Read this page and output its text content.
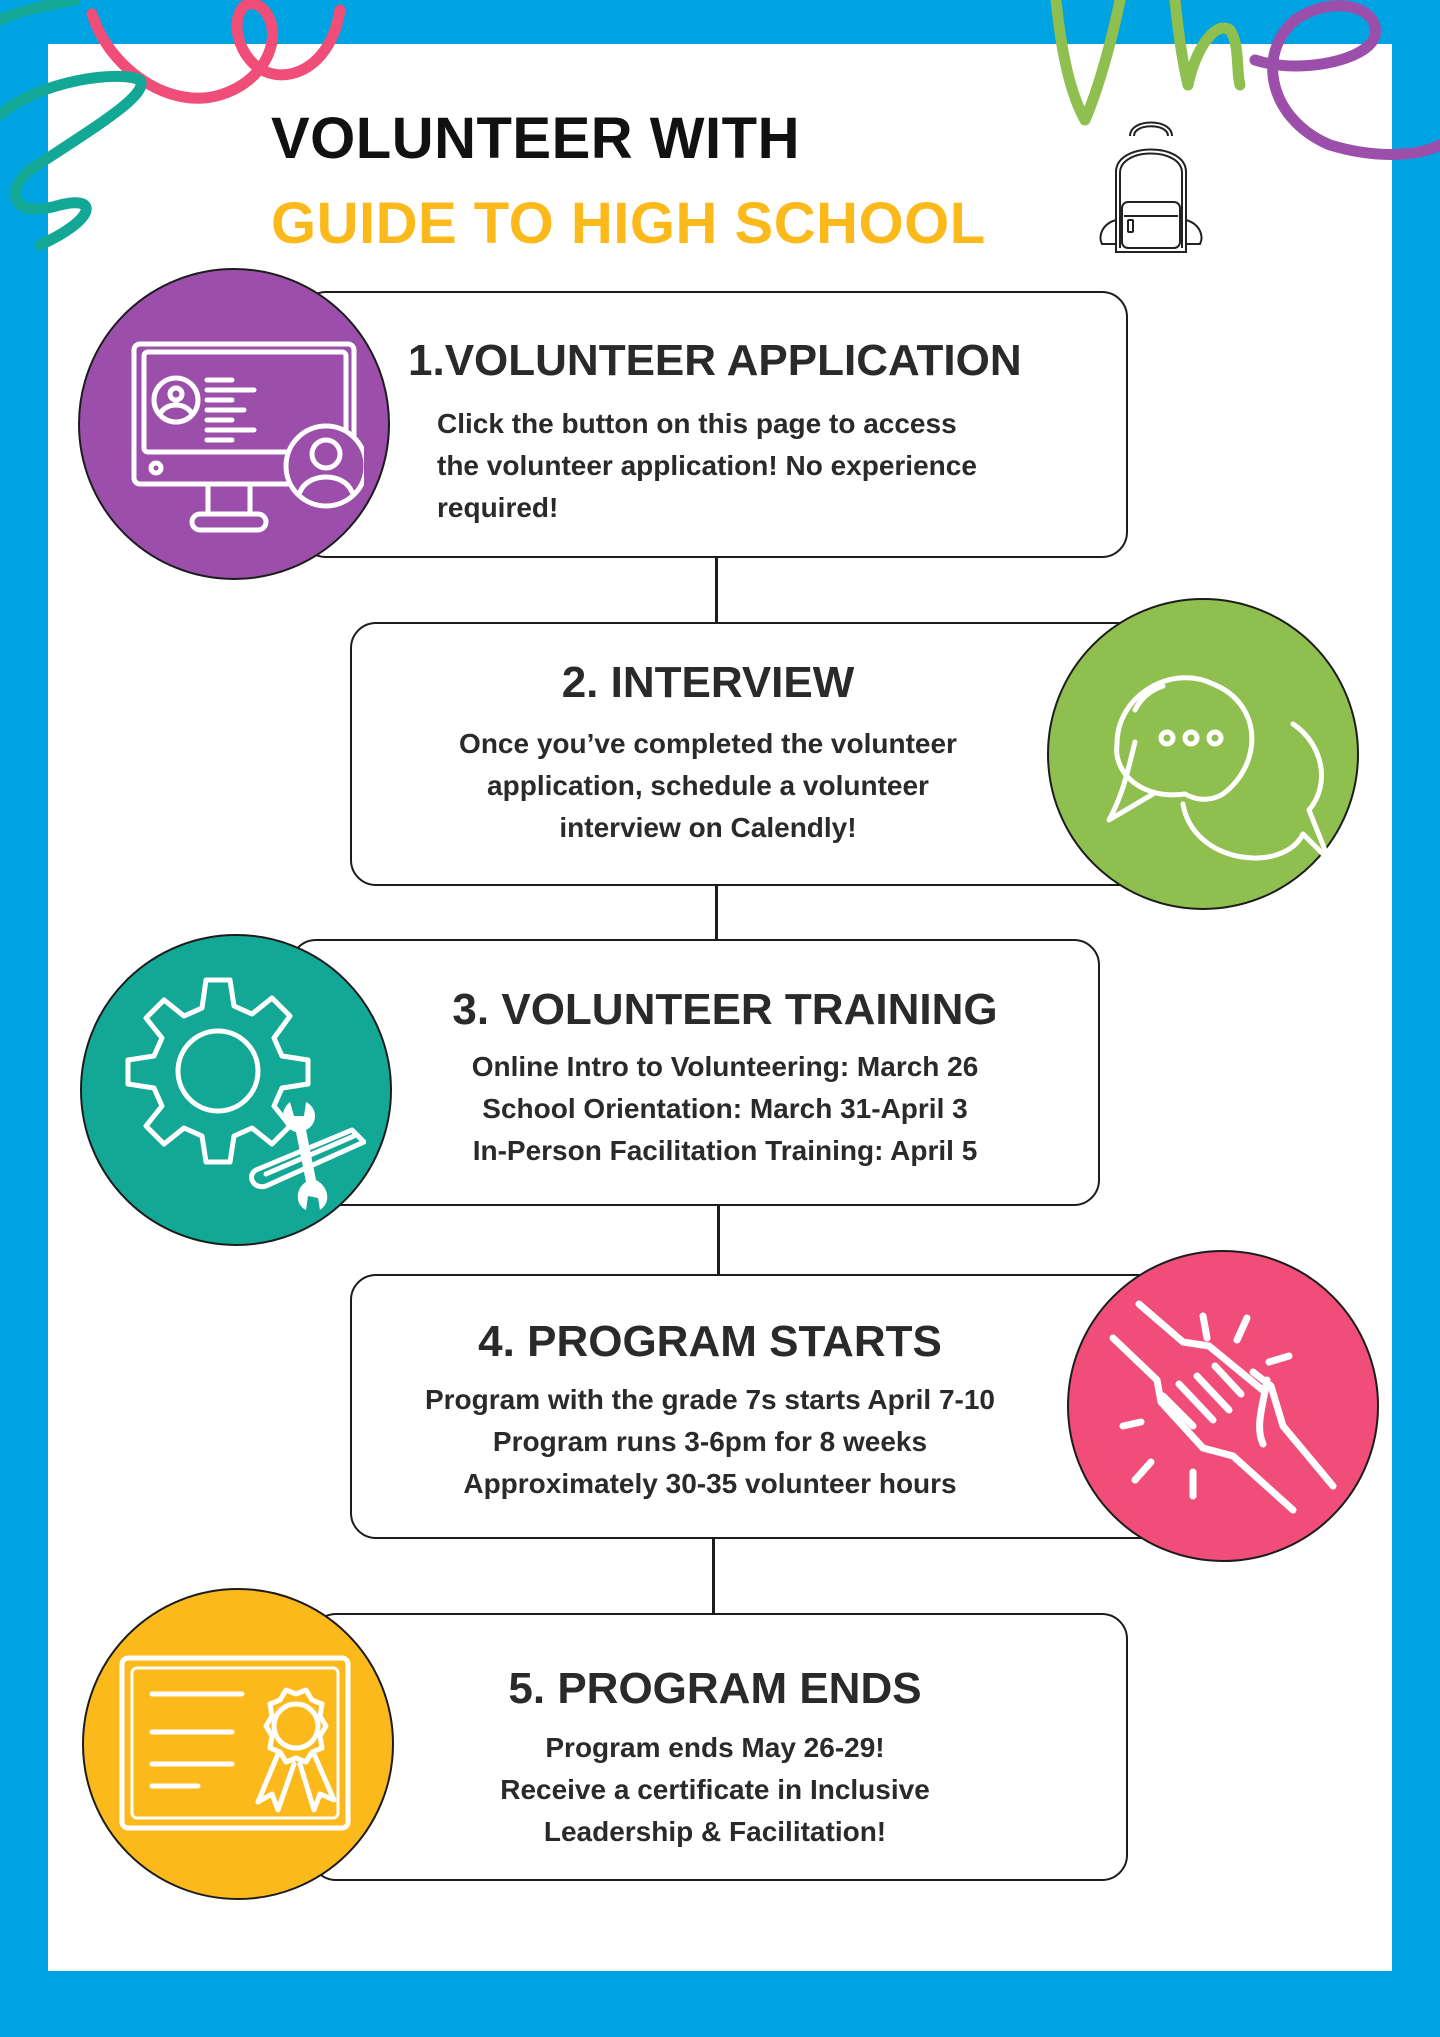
VOLUNTEER WITH
GUIDE TO HIGH SCHOOL
1.VOLUNTEER APPLICATION
Click the button on this page to access
the volunteer application! No experience
required!
2. INTERVIEW
Once you’ve completed the volunteer
application, schedule a volunteer
interview on Calendly!
3. VOLUNTEER TRAINING
Online Intro to Volunteering: March 26
School Orientation: March 31-April 3
In-Person Facilitation Training: April 5
4. PROGRAM STARTS
Program with the grade 7s starts April 7-10
Program runs 3-6pm for 8 weeks
Approximately 30-35 volunteer hours
5. PROGRAM ENDS
Program ends May 26-29!
Receive a certificate in Inclusive
Leadership & Facilitation!
